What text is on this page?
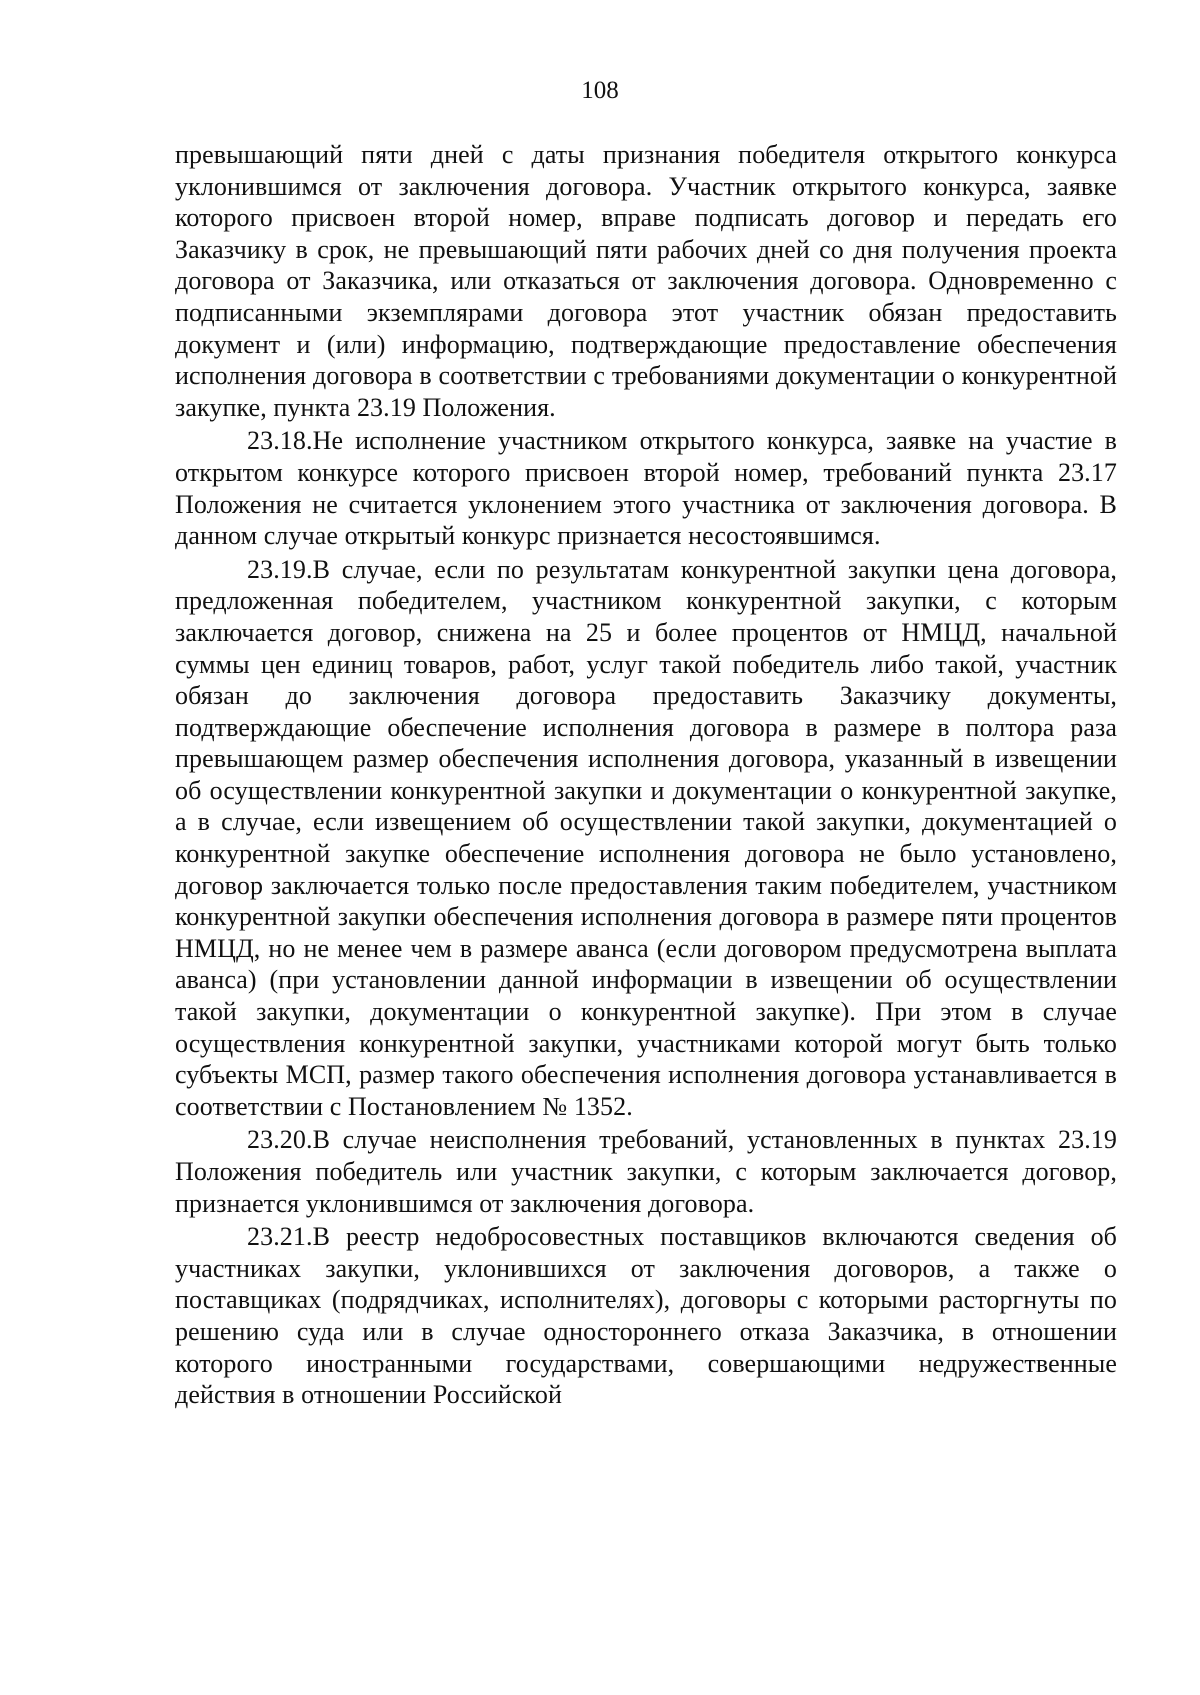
108

превышающий пяти дней с даты признания победителя открытого конкурса уклонившимся от заключения договора. Участник открытого конкурса, заявке которого присвоен второй номер, вправе подписать договор и передать его Заказчику в срок, не превышающий пяти рабочих дней со дня получения проекта договора от Заказчика, или отказаться от заключения договора. Одновременно с подписанными экземплярами договора этот участник обязан предоставить документ и (или) информацию, подтверждающие предоставление обеспечения исполнения договора в соответствии с требованиями документации о конкурентной закупке, пункта 23.19 Положения.

23.18.Не исполнение участником открытого конкурса, заявке на участие в открытом конкурсе которого присвоен второй номер, требований пункта 23.17 Положения не считается уклонением этого участника от заключения договора. В данном случае открытый конкурс признается несостоявшимся.

23.19.В случае, если по результатам конкурентной закупки цена договора, предложенная победителем, участником конкурентной закупки, с которым заключается договор, снижена на 25 и более процентов от НМЦД, начальной суммы цен единиц товаров, работ, услуг такой победитель либо такой, участник обязан до заключения договора предоставить Заказчику документы, подтверждающие обеспечение исполнения договора в размере в полтора раза превышающем размер обеспечения исполнения договора, указанный в извещении об осуществлении конкурентной закупки и документации о конкурентной закупке, а в случае, если извещением об осуществлении такой закупки, документацией о конкурентной закупке обеспечение исполнения договора не было установлено, договор заключается только после предоставления таким победителем, участником конкурентной закупки обеспечения исполнения договора в размере пяти процентов НМЦД, но не менее чем в размере аванса (если договором предусмотрена выплата аванса) (при установлении данной информации в извещении об осуществлении такой закупки, документации о конкурентной закупке). При этом в случае осуществления конкурентной закупки, участниками которой могут быть только субъекты МСП, размер такого обеспечения исполнения договора устанавливается в соответствии с Постановлением № 1352.

23.20.В случае неисполнения требований, установленных в пунктах 23.19 Положения победитель или участник закупки, с которым заключается договор, признается уклонившимся от заключения договора.

23.21.В реестр недобросовестных поставщиков включаются сведения об участниках закупки, уклонившихся от заключения договоров, а также о поставщиках (подрядчиках, исполнителях), договоры с которыми расторгнуты по решению суда или в случае одностороннего отказа Заказчика, в отношении которого иностранными государствами, совершающими недружественные действия в отношении Российской
